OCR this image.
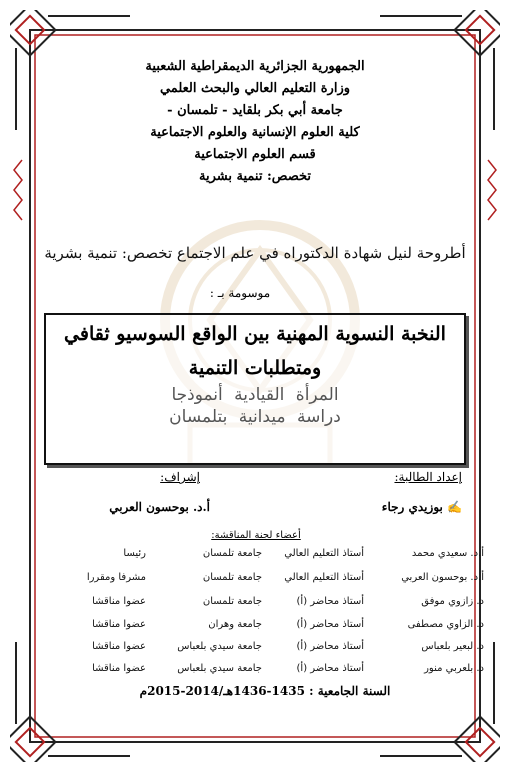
الجمهورية الجزائرية الديمقراطية الشعبية
وزارة التعليم العالي والبحث العلمي
جامعة أبي بكر بلقايد - تلمسان -
كلية العلوم الإنسانية والعلوم الاجتماعية
قسم العلوم الاجتماعية
تخصص: تنمية بشرية
أطروحة لنيل شهادة الدكتوراه في علم الاجتماع تخصص: تنمية بشرية
موسومة بـ :
النخبة النسوية المهنية بين الواقع السوسيو ثقافي
ومتطلبات التنمية
المرأة القيادية أنموذجا
دراسة ميدانية بتلمسان
إعداد الطالبة:
✍ بوزيدي رجاء
إشراف:
أ.د. بوحسون العربي
أعضاء لجنة المناقشة:
أ.د. سعيدي محمد
أستاذ التعليم العالي
جامعة تلمسان
رئيسا
أ.د. بوحسون العربي
أستاذ التعليم العالي
جامعة تلمسان
مشرفا ومقررا
د. زازوي موفق
أستاذ محاضر (أ)
جامعة تلمسان
عضوا مناقشا
د. الزاوي مصطفى
أستاذ محاضر (أ)
جامعة وهران
عضوا مناقشا
د. لبعير بلعباس
أستاذ محاضر (أ)
جامعة سيدي بلعباس
عضوا مناقشا
د. بلعربي منور
أستاذ محاضر (أ)
جامعة سيدي بلعباس
عضوا مناقشا
السنة الجامعية : 1435-1436هـ/2014-2015م
